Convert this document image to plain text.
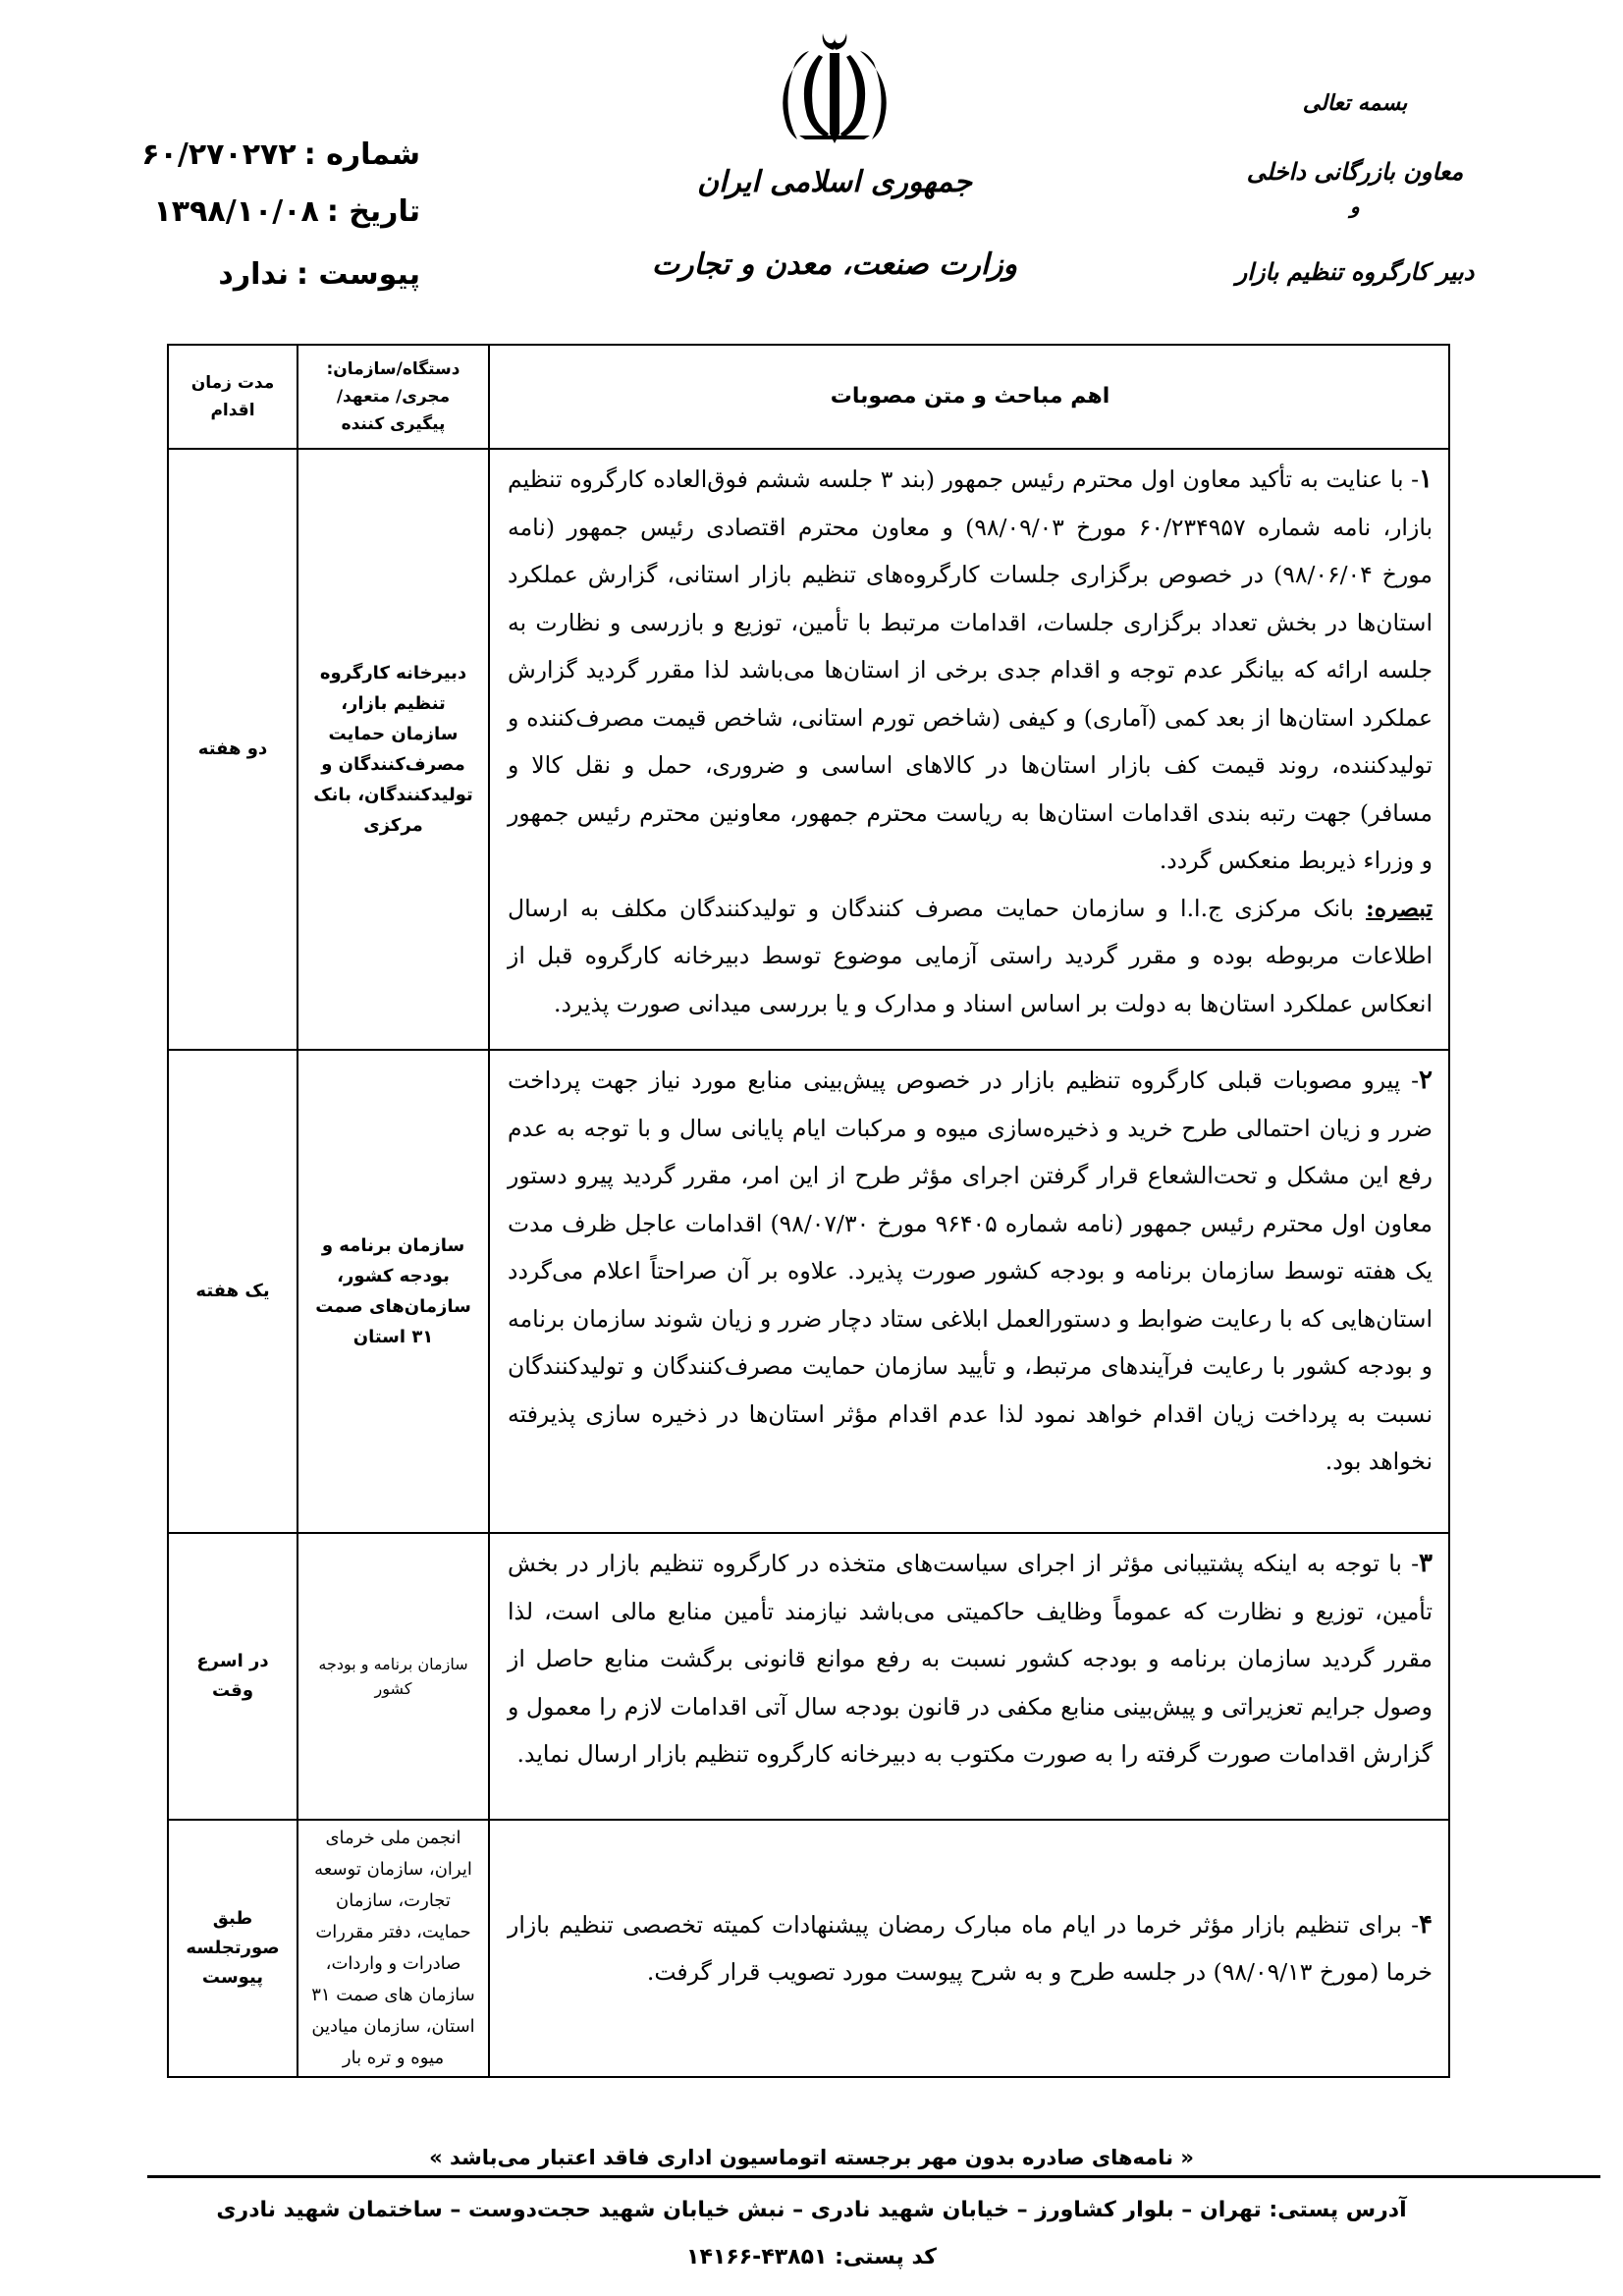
جمهوری اسلامی ایران
وزارت صنعت، معدن و تجارت
شماره :۶۰/۲۷۰۲۷۲
تاریخ :۱۳۹۸/۱۰/۰۸
پیوست :ندارد
بسمه تعالی
معاون بازرگانی داخلی
و
دبیر کارگروه تنظیم بازار
اهم مباحث و متن مصوبات
دستگاه/سازمان: مجری/ متعهد/ پیگیری کننده
مدت زمان اقدام
۱- با عنایت به تأکید معاون اول محترم رئیس جمهور (بند ۳ جلسه ششم فوق‌العاده کارگروه تنظیم بازار، نامه شماره ۶۰/۲۳۴۹۵۷ مورخ ۹۸/۰۹/۰۳) و معاون محترم اقتصادی رئیس جمهور (نامه مورخ ۹۸/۰۶/۰۴) در خصوص برگزاری جلسات کارگروه‌های تنظیم بازار استانی، گزارش عملکرد استان‌ها در بخش تعداد برگزاری جلسات، اقدامات مرتبط با تأمین، توزیع و بازرسی و نظارت به جلسه ارائه که بیانگر عدم توجه و اقدام جدی برخی از استان‌ها می‌باشد لذا مقرر گردید گزارش عملکرد استان‌ها از بعد کمی (آماری) و کیفی (شاخص تورم استانی، شاخص قیمت مصرف‌کننده و تولیدکننده، روند قیمت کف بازار استان‌ها در کالاهای اساسی و ضروری، حمل و نقل کالا و مسافر) جهت رتبه بندی اقدامات استان‌ها به ریاست محترم جمهور، معاونین محترم رئیس جمهور و وزراء ذیربط منعکس گردد.
تبصره: بانک مرکزی ج.ا.ا و سازمان حمایت مصرف کنندگان و تولیدکنندگان مکلف به ارسال اطلاعات مربوطه بوده و مقرر گردید راستی آزمایی موضوع توسط دبیرخانه کارگروه قبل از انعکاس عملکرد استان‌ها به دولت بر اساس اسناد و مدارک و یا بررسی میدانی صورت پذیرد.
دبیرخانه کارگروه تنظیم بازار، سازمان حمایت مصرف‌کنندگان و تولیدکنندگان، بانک مرکزی
دو هفته
۲- پیرو مصوبات قبلی کارگروه تنظیم بازار در خصوص پیش‌بینی منابع مورد نیاز جهت پرداخت ضرر و زیان احتمالی طرح خرید و ذخیره‌سازی میوه و مرکبات ایام پایانی سال و با توجه به عدم رفع این مشکل و تحت‌الشعاع قرار گرفتن اجرای مؤثر طرح از این امر، مقرر گردید پیرو دستور معاون اول محترم رئیس جمهور (نامه شماره ۹۶۴۰۵ مورخ ۹۸/۰۷/۳۰) اقدامات عاجل ظرف مدت یک هفته توسط سازمان برنامه و بودجه کشور صورت پذیرد. علاوه بر آن صراحتاً اعلام می‌گردد استان‌هایی که با رعایت ضوابط و دستورالعمل ابلاغی ستاد دچار ضرر و زیان شوند سازمان برنامه و بودجه کشور با رعایت فرآیندهای مرتبط، و تأیید سازمان حمایت مصرف‌کنندگان و تولیدکنندگان نسبت به پرداخت زیان اقدام خواهد نمود لذا عدم اقدام مؤثر استان‌ها در ذخیره سازی پذیرفته نخواهد بود.
سازمان برنامه و بودجه کشور، سازمان‌های صمت ۳۱ استان
یک هفته
۳- با توجه به اینکه پشتیبانی مؤثر از اجرای سیاست‌های متخذه در کارگروه تنظیم بازار در بخش تأمین، توزیع و نظارت که عموماً وظایف حاکمیتی می‌باشد نیازمند تأمین منابع مالی است، لذا مقرر گردید سازمان برنامه و بودجه کشور نسبت به رفع موانع قانونی برگشت منابع حاصل از وصول جرایم تعزیراتی و پیش‌بینی منابع مکفی در قانون بودجه سال آتی اقدامات لازم را معمول و گزارش اقدامات صورت گرفته را به صورت مکتوب به دبیرخانه کارگروه تنظیم بازار ارسال نماید.
سازمان برنامه و بودجه کشور
در اسرع وقت
۴- برای تنظیم بازار مؤثر خرما در ایام ماه مبارک رمضان پیشنهادات کمیته تخصصی تنظیم بازار خرما (مورخ ۹۸/۰۹/۱۳) در جلسه طرح و به شرح پیوست مورد تصویب قرار گرفت.
انجمن ملی خرمای ایران، سازمان توسعه تجارت، سازمان حمایت، دفتر مقررات صادرات و واردات، سازمان های صمت ۳۱ استان، سازمان میادین میوه و تره بار
طبق صورتجلسه پیوست
« نامه‌های صادره بدون مهر برجسته اتوماسیون اداری فاقد اعتبار می‌باشد »
آدرس پستی: تهران – بلوار کشاورز – خیابان شهید نادری – نبش خیابان شهید حجت‌دوست – ساختمان شهید نادری
کد پستی: ۴۳۸۵۱-۱۴۱۶۶
